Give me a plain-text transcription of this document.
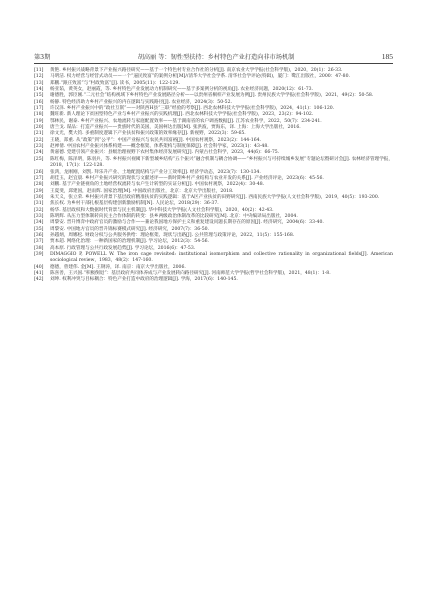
第3期	胡高丽 等：韧性型扶持：乡村特色产业打造向非市场机制	185
[11]	黄艳. 乡村振兴战略背景下产业振兴路径研究——基于一个特色村专业合作社的分析[J]. 南京农业大学学报(社会科学版)，2020，20(1)：26-33.
[12]	马明洁. 权力经营与经营式动员——一个“逼民致富”的案例分析[M]//清华大学社会学系. 清华社会学评论(特辑)，厦门：鹭江出版社，2000：47-80.
[13]	郑鹏.“跟庄致富”与“村政致富”[J]. 读书，2005(11)：122-129.
[14]	杨亚茹，黄英女，赵丽霞，等. 乡村特色产业发展动力机制研究——基于多案例分析的视角[J]. 农业经济问题，2020(12)：61-73.
[15]	谢德胜，郭臣刚.“二元社会”结构视域下乡村特色产业发展路径分析——以贵州省桐梓产业发展为例[J]. 贵州民族大学学报(社会科学版)，2021，49(2)：50-58.
[16]	杨静. 特色经济助力乡村产业振兴的内在逻辑与实践路径[J]. 农业经济，2024(3)：50-52.
[17]	许汉泽. 乡村产业振兴中的“政社互嵌”——对陕西H县“三联”经验的考察[J]. 西北农林科技大学学报(社会科学版)，2024，41(1)：106-120.
[18]	魏旺新. 新人理论下贫困型特色产业与乡村产业振兴的实践机理[J]. 西北农林科技大学学报(社会科学版)，2023，23(2)：94-102.
[19]	鄂林民，谢泰. 乡村产业振兴、农地流转与家庭配置效率——基于湖南省的农户调查数据[J]. 江苏农业科学，2022，50(7)：234-241.
[20]	唐兰戈. 谋品：打造产业振兴——贵族时代的美国，美国柯达出版[M]. 张洪波，贾海东，译. 上海：上海大学出版社，2016.
[21]	徐文光，樊大钧. 多重制度逻辑下产业扶贫和振兴政策的效率缘存[J]. 新视野，2022(3)：59-65.
[22]	王晓，郑重. 从“政策”到“公平”：中国产业振兴与农民共同富裕[J]. 中国农村观察，2023(2)：144-164.
[23]	赵禅倩. 中国农村产业振兴体系构建——概念框架、体系架构与制度保障[J]. 社会科学家，2023(1)：43-48.
[24]	黄嘉德. 党建引领产业振兴：县级治理视野下农村集体经济发展研究[J]. 内蒙古社会科学，2023，44(6)：66-75.
[25]	陈红梅，陈泽明，陈羽兵，等. 乡村振兴视阈下新型城乡结构“五个振兴”融合机制与耦合协调——“乡村振兴与可持续城乡发展”专题论坛暨研讨会[J]. 农林经济管理学报，2018，17(1)：122-128.
[26]	张鸿，龙刚刚，刘凯. 拜乐升产业、土地配置结构与产业分工效率[J]. 经济学动态，2023(7)：130-134.
[27]	胡佳玉，赵宜晨. 乡村产业振兴研究的现状与文献述评——新时期乡村产业结构与农业开发的关系[J]. 产业经济评论，2023(6)：45-56.
[28]	刘鹏. 基于产业链视角的土地经营权流转与农户生计转型的实证分析[J]. 中国农村观察，2022(4)：30-48.
[29]	王夏斐，邱建国，赵雨辉. 国家治理[M]. 中国政府出版社，北京：北京大学出版社，2018.
[30]	朱天义，张立荣. 乡村振兴背景下基层政府精准扶贫的实践逻辑：基于A区产业扶贫的田野研究[J]. 西南民族大学学报(人文社会科学版)，2019，40(5)：193-200.
[31]	焦长权. 为乡村干部扎根基层构建创新激励机制[N]. 人民论坛，2018(29)：36-37.
[32]	杨华. 基层政权和大数据时代背景与民主机制[J]. 华中科技大学学报(人文社会科学版)，2020，40(2)：42-43.
[33]	陈明辉. 从压力型体制转向民主合作体制的转变：县乡两级政治体制改革的比较研究[M]. 北京：中央编译局出版社，2004.
[34]	周黎安. 晋升博弈中政府官员的激励与合作——兼论我国地方保护主义和重复建设问题长期存在的原因[J]. 经济研究，2004(6)：33-40.
[35]	周黎安. 中国地方官员的晋升锦标赛模式研究[J]. 经济研究，2007(7)：36-50.
[36]	孙越炳，周娜松. 财政分权与公共服务供给：理论框架、现状与出路[J]. 公共管理与政策评论，2022，11(5)：155-168.
[37]	贾本超. 网络化治理：一种新国家的治理机制[J]. 学习论坛，2012(3)：54-56.
[38]	高本原. 行政管理与公共行政发展趋势[J]. 学习论坛，2016(6)：47-53.
[39]	DIMAGGIO P, POWELL W. The iron cage revisited: institutional isomorphism and collective rationality in organizational fields[J]. American sociological review，1983，48(2)：147-160.
[40]	德德，曾建伟. 金[M]. 王钢涛，译. 南京：南京大学出版社，2006.
[41]	陈喜善，王兴国.“积极倒退”：基层政府共同体养成与产业发展转向路径研究[J]. 河南师范大学学报(哲学社会科学版)，2021，48(1)：1-8.
[42]	刘坤. 权利冲突与目标耦合：特色产业打造中政府的治理逻辑[J]. 学海，2017(6)：140-145.
